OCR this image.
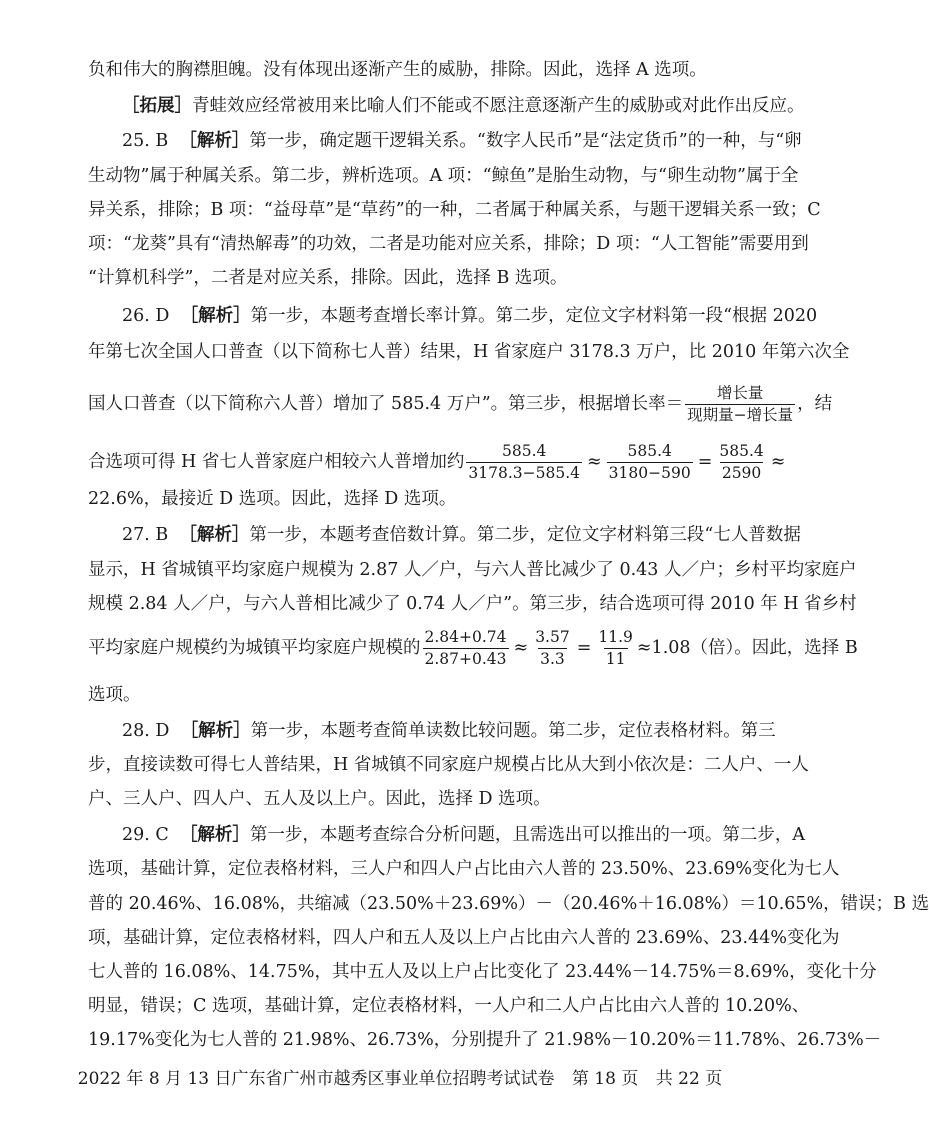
负和伟大的胸襟胆魄。没有体现出逐渐产生的威胁，排除。因此，选择 A 选项。
［拓展］青蛙效应经常被用来比喻人们不能或不愿注意逐渐产生的威胁或对此作出反应。
25. B ［解析］第一步，确定题干逻辑关系。“数字人民币”是“法定货币”的一种，与“卵
生动物”属于种属关系。第二步，辨析选项。A 项：“鲸鱼”是胎生动物，与“卵生动物”属于全
异关系，排除；B 项：“益母草”是“草药”的一种，二者属于种属关系，与题干逻辑关系一致；C
项：“龙葵”具有“清热解毒”的功效，二者是功能对应关系，排除；D 项：“人工智能”需要用到
“计算机科学”，二者是对应关系，排除。因此，选择 B 选项。
26. D ［解析］第一步，本题考查增长率计算。第二步，定位文字材料第一段“根据 2020
年第七次全国人口普查（以下简称七人普）结果，H 省家庭户 3178.3 万户，比 2010 年第六次全
国人口普查（以下简称六人普）增加了 585.4 万户”。第三步，根据增长率＝ $\frac{\text{增长量}}{\text{现期量−增长量}}$ ，结
合选项可得 H 省七人普家庭户相较六人普增加约 $\frac{585.4}{3178.3-585.4} \approx \frac{585.4}{3180-590} = \frac{585.4}{2590}$ ≈
22.6%，最接近 D 选项。因此，选择 D 选项。
27. B ［解析］第一步，本题考查倍数计算。第二步，定位文字材料第三段“七人普数据
显示，H 省城镇平均家庭户规模为 2.87 人／户，与六人普比减少了 0.43 人／户；乡村平均家庭户
规模 2.84 人／户，与六人普相比减少了 0.74 人／户”。第三步，结合选项可得 2010 年 H 省乡村
平均家庭户规模约为城镇平均家庭户规模的 $\frac{2.84+0.74}{2.87+0.43} \approx \frac{3.57}{3.3} = \frac{11.9}{11} \approx 1.08$（倍）。因此，选择 B
选项。
28. D ［解析］第一步，本题考查简单读数比较问题。第二步，定位表格材料。第三
步，直接读数可得七人普结果，H 省城镇不同家庭户规模占比从大到小依次是：二人户、一人
户、三人户、四人户、五人及以上户。因此，选择 D 选项。
29. C ［解析］第一步，本题考查综合分析问题，且需选出可以推出的一项。第二步，A
选项，基础计算，定位表格材料，三人户和四人户占比由六人普的 23.50%、23.69%变化为七人
普的 20.46%、16.08%，共缩减（23.50%＋23.69%）－（20.46%＋16.08%）＝10.65%，错误；B 选
项，基础计算，定位表格材料，四人户和五人及以上户占比由六人普的 23.69%、23.44%变化为
七人普的 16.08%、14.75%，其中五人及以上户占比变化了 23.44%－14.75%＝8.69%，变化十分
明显，错误；C 选项，基础计算，定位表格材料，一人户和二人户占比由六人普的 10.20%、
19.17%变化为七人普的 21.98%、26.73%，分别提升了 21.98%－10.20%＝11.78%、26.73%－
2022 年 8 月 13 日广东省广州市越秀区事业单位招聘考试试卷 第 18 页 共 22 页
